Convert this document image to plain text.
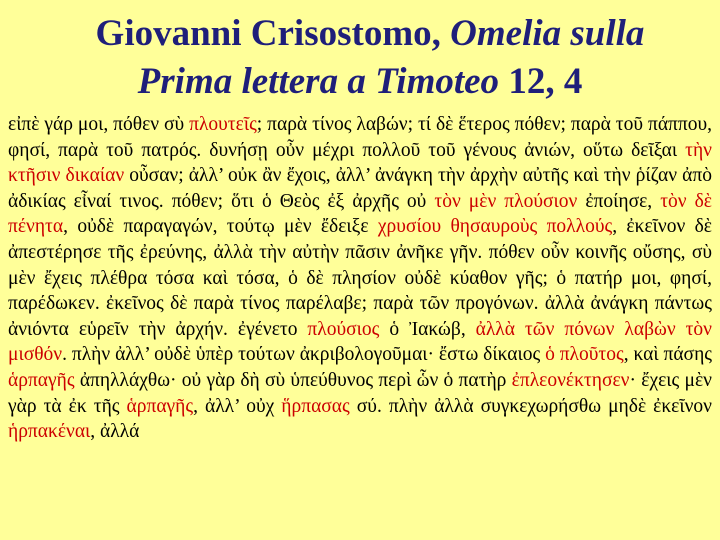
Giovanni Crisostomo, Omelia sulla
Prima lettera a Timoteo 12, 4
εἰπὲ γάρ μοι, πόθεν σὺ πλουτεῖς; παρὰ τίνος λαβών; τί δὲ ἕτερος πόθεν; παρὰ τοῦ πάππου, φησί, παρὰ τοῦ πατρός. δυνήσῃ οὖν μέχρι πολλοῦ τοῦ γένους ἀνιών, οὕτω δεῖξαι τὴν κτῆσιν δικαίαν οὖσαν; ἀλλ’ οὐκ ἂν ἔχοις, ἀλλ’ ἀνάγκη τὴν ἀρχὴν αὐτῆς καὶ τὴν ῥίζαν ἀπὸ ἀδικίας εἶναί τινος. πόθεν; ὅτι ὁ Θεὸς ἐξ ἀρχῆς οὐ τὸν μὲν πλούσιον ἐποίησε, τὸν δὲ πένητα, οὐδὲ παραγαγών, τούτῳ μὲν ἔδειξε χρυσίου θησαυροὺς πολλούς, ἐκεῖνον δὲ ἀπεστέρησε τῆς ἐρεύνης, ἀλλὰ τὴν αὐτὴν πᾶσιν ἀνῆκε γῆν. πόθεν οὖν κοινῆς οὔσης, σὺ μὲν ἔχεις πλέθρα τόσα καὶ τόσα, ὁ δὲ πλησίον οὐδὲ κύαθον γῆς; ὁ πατήρ μοι, φησί, παρέδωκεν. ἐκεῖνος δὲ παρὰ τίνος παρέλαβε; παρὰ τῶν προγόνων. ἀλλὰ ἀνάγκη πάντως ἀνιόντα εὑρεῖν τὴν ἀρχήν. ἐγένετο πλούσιος ὁ Ἰακώβ, ἀλλὰ τῶν πόνων λαβὼν τὸν μισθόν. πλὴν ἀλλ’ οὐδὲ ὑπὲρ τούτων ἀκριβολογοῦμαι· ἔστω δίκαιος ὁ πλοῦτος, καὶ πάσης ἁρπαγῆς ἀπηλλάχθω· οὐ γὰρ δὴ σὺ ὑπεύθυνος περὶ ὧν ὁ πατὴρ ἐπλεονέκτησεν· ἔχεις μὲν γὰρ τὰ ἐκ τῆς ἁρπαγῆς, ἀλλ’ οὐχ ἥρπασας σύ. πλὴν ἀλλὰ συγκεχωρήσθω μηδὲ ἐκεῖνον ἡρπακέναι, ἀλλά
